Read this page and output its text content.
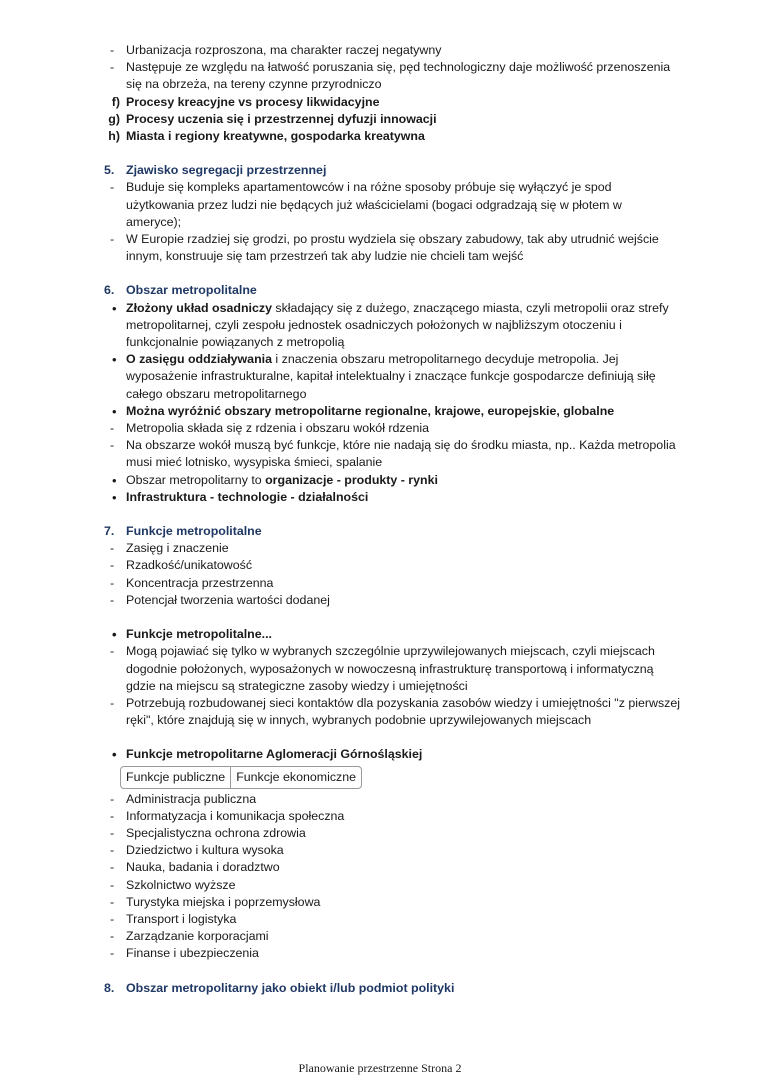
- Urbanizacja rozproszona, ma charakter raczej negatywny
- Następuje ze względu na łatwość poruszania się, pęd technologiczny daje możliwość przenoszenia się na obrzeża, na tereny czynne przyrodniczo
f) Procesy kreacyjne vs procesy likwidacyjne
g) Procesy uczenia się i przestrzennej dyfuzji innowacji
h) Miasta i regiony kreatywne, gospodarka kreatywna
5. Zjawisko segregacji przestrzennej
- Buduje się kompleks apartamentowców i na różne sposoby próbuje się wyłączyć je spod użytkowania przez ludzi nie będących już właścicielami (bogaci odgradzają się w płotem w ameryce);
- W Europie rzadziej się grodzi, po prostu wydziela się obszary zabudowy, tak aby utrudnić wejście innym, konstruuje się tam przestrzeń tak aby ludzie nie chcieli tam wejść
6. Obszar metropolitalne
• Złożony układ osadniczy składający się z dużego, znaczącego miasta, czyli metropolii oraz strefy metropolitarnej, czyli zespołu jednostek osadniczych położonych w najbliższym otoczeniu i funkcjonalnie powiązanych z metropolią
• O zasięgu oddziaływania i znaczenia obszaru metropolitarnego decyduje metropolia. Jej wyposażenie infrastrukturalne, kapitał intelektualny i znaczące funkcje gospodarcze definiują siłę całego obszaru metropolitarnego
• Można wyróżnić obszary metropolitarne regionalne, krajowe, europejskie, globalne
- Metropolia składa się z rdzenia i obszaru wokół rdzenia
- Na obszarze wokół muszą być funkcje, które nie nadają się do środku miasta, np.. Każda metropolia musi mieć lotnisko, wysypiska śmieci, spalanie
• Obszar metropolitarny to organizacje - produkty - rynki
• Infrastruktura - technologie - działalności
7. Funkcje metropolitalne
- Zasięg i znaczenie
- Rzadkość/unikatowość
- Koncentracja przestrzenna
- Potencjał tworzenia wartości dodanej
• Funkcje metropolitalne...
- Mogą pojawiać się tylko w wybranych szczególnie uprzywilejowanych miejscach, czyli miejscach dogodnie położonych, wyposażonych w nowoczesną infrastrukturę transportową i informatyczną gdzie na miejscu są strategiczne zasoby wiedzy i umiejętności
- Potrzebują rozbudowanej sieci kontaktów dla pozyskania zasobów wiedzy i umiejętności "z pierwszej ręki", które znajdują się w innych, wybranych podobnie uprzywilejowanych miejscach
• Funkcje metropolitarne Aglomeracji Górnośląskiej
Funkcje publiczne Funkcje ekonomiczne
- Administracja publiczna
- Informatyzacja i komunikacja społeczna
- Specjalistyczna ochrona zdrowia
- Dziedzictwo i kultura wysoka
- Nauka, badania i doradztwo
- Szkolnictwo wyższe
- Turystyka miejska i poprzemysłowa
- Transport i logistyka
- Zarządzanie korporacjami
- Finanse i ubezpieczenia
8. Obszar metropolitarny jako obiekt i/lub podmiot polityki
Planowanie przestrzenne Strona 2
